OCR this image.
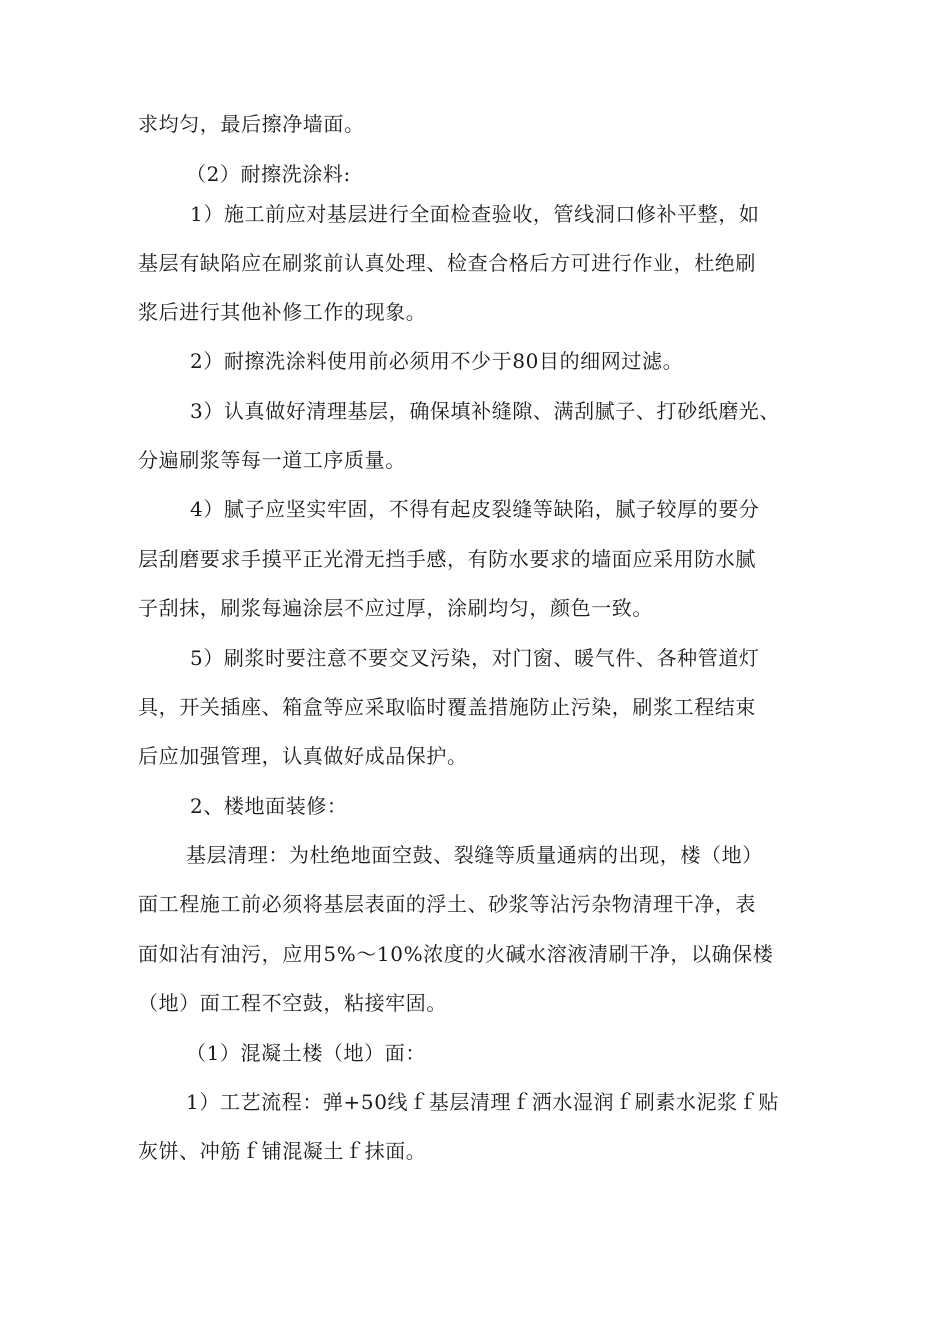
求均匀，最后擦净墙面。
（2）耐擦洗涂料:
1）施工前应对基层进行全面检查验收，管线洞口修补平整，如
基层有缺陷应在刷浆前认真处理、检查合格后方可进行作业，杜绝刷
浆后进行其他补修工作的现象。
2）耐擦洗涂料使用前必须用不少于80目的细网过滤。
3）认真做好清理基层，确保填补缝隙、满刮腻子、打砂纸磨光、
分遍刷浆等每一道工序质量。
4）腻子应坚实牢固，不得有起皮裂缝等缺陷，腻子较厚的要分
层刮磨要求手摸平正光滑无挡手感，有防水要求的墙面应采用防水腻
子刮抹，刷浆每遍涂层不应过厚，涂刷均匀，颜色一致。
5）刷浆时要注意不要交叉污染，对门窗、暖气件、各种管道灯
具，开关插座、箱盒等应采取临时覆盖措施防止污染，刷浆工程结束
后应加强管理，认真做好成品保护。
2、楼地面装修：
基层清理：为杜绝地面空鼓、裂缝等质量通病的出现，楼（地）
面工程施工前必须将基层表面的浮土、砂浆等沾污杂物清理干净，表
面如沾有油污，应用5%～10%浓度的火碱水溶液清刷干净，以确保楼
（地）面工程不空鼓，粘接牢固。
（1）混凝土楼（地）面：
1）工艺流程：弹+50线ｆ基层清理ｆ洒水湿润ｆ刷素水泥浆ｆ贴
灰饼、冲筋ｆ铺混凝土ｆ抹面。
